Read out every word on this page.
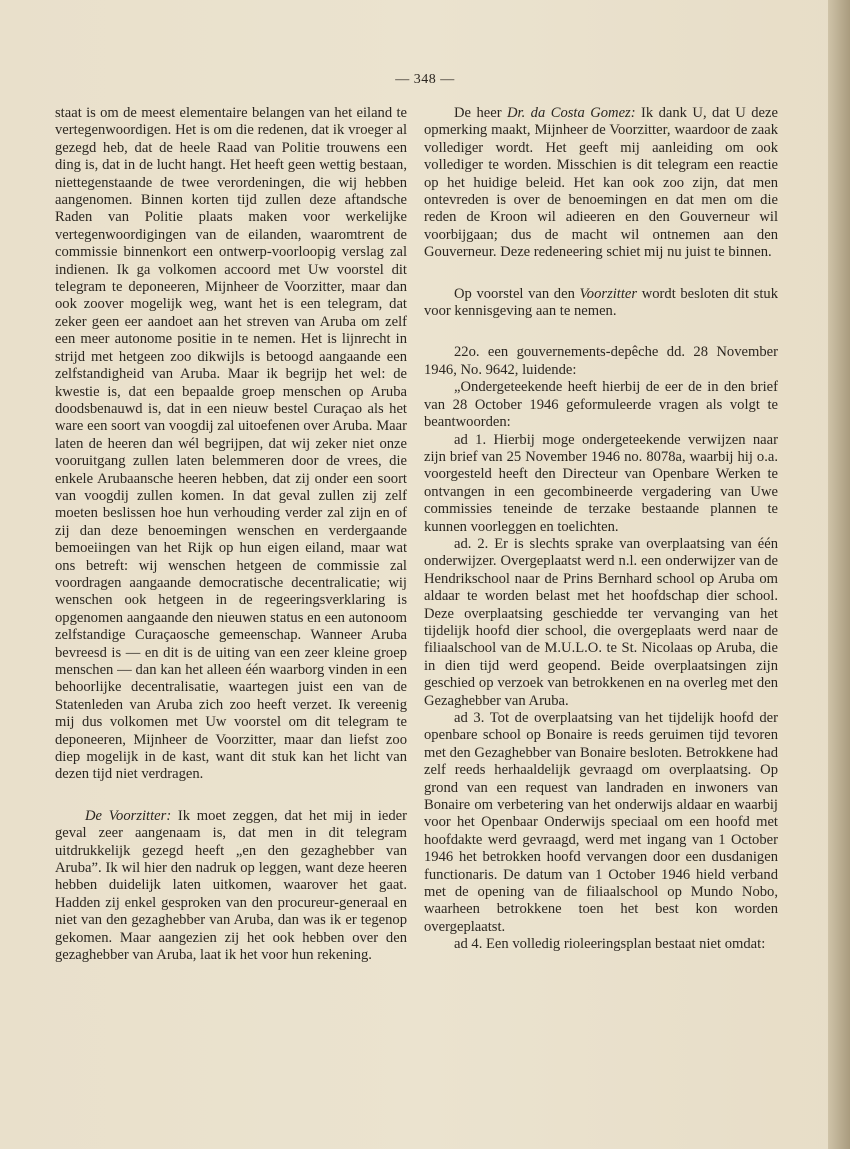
— 348 —

staat is om de meest elementaire belangen van het eiland te vertegenwoordigen. Het is om die redenen, dat ik vroeger al gezegd heb, dat de heele Raad van Politie trouwens een ding is, dat in de lucht hangt. Het heeft geen wettig bestaan, niettegenstaande de twee verordeningen, die wij hebben aangenomen. Binnen korten tijd zullen deze aftandsche Raden van Politie plaats maken voor werkelijke vertegenwoordigingen van de eilanden, waaromtrent de commissie binnenkort een ontwerp-voorloopig verslag zal indienen. Ik ga volkomen accoord met Uw voorstel dit telegram te deponeeren, Mijnheer de Voorzitter, maar dan ook zoover mogelijk weg, want het is een telegram, dat zeker geen eer aandoet aan het streven van Aruba om zelf een meer autonome positie in te nemen. Het is lijnrecht in strijd met hetgeen zoo dikwijls is betoogd aangaande een zelfstandigheid van Aruba. Maar ik begrijp het wel: de kwestie is, dat een bepaalde groep menschen op Aruba doodsbenauwd is, dat in een nieuw bestel Curaçao als het ware een soort van voogdij zal uitoefenen over Aruba. Maar laten de heeren dan wél begrijpen, dat wij zeker niet onze vooruitgang zullen laten belemmeren door de vrees, die enkele Arubaansche heeren hebben, dat zij onder een soort van voogdij zullen komen. In dat geval zullen zij zelf moeten beslissen hoe hun verhouding verder zal zijn en of zij dan deze benoemingen wenschen en verdergaande bemoeiingen van het Rijk op hun eigen eiland, maar wat ons betreft: wij wenschen hetgeen de commissie zal voordragen aangaande democratische decentralicatie; wij wenschen ook hetgeen in de regeeringsverklaring is opgenomen aangaande den nieuwen status en een autonoom zelfstandige Curaçaosche gemeenschap. Wanneer Aruba bevreesd is — en dit is de uiting van een zeer kleine groep menschen — dan kan het alleen één waarborg vinden in een behoorlijke decentralisatie, waartegen juist een van de Statenleden van Aruba zich zoo heeft verzet. Ik vereenig mij dus volkomen met Uw voorstel om dit telegram te deponeeren, Mijnheer de Voorzitter, maar dan liefst zoo diep mogelijk in de kast, want dit stuk kan het licht van dezen tijd niet verdragen.

De Voorzitter: Ik moet zeggen, dat het mij in ieder geval zeer aangenaam is, dat men in dit telegram uitdrukkelijk gezegd heeft „en den gezaghebber van Aruba”. Ik wil hier den nadruk op leggen, want deze heeren hebben duidelijk laten uitkomen, waarover het gaat. Hadden zij enkel gesproken van den procureur-generaal en niet van den gezaghebber van Aruba, dan was ik er tegenop gekomen. Maar aangezien zij het ook hebben over den gezaghebber van Aruba, laat ik het voor hun rekening.

De heer Dr. da Costa Gomez: Ik dank U, dat U deze opmerking maakt, Mijnheer de Voorzitter, waardoor de zaak vollediger wordt. Het geeft mij aanleiding om ook vollediger te worden. Misschien is dit telegram een reactie op het huidige beleid. Het kan ook zoo zijn, dat men ontevreden is over de benoemingen en dat men om die reden de Kroon wil adieeren en den Gouverneur wil voorbijgaan; dus de macht wil ontnemen aan den Gouverneur. Deze redeneering schiet mij nu juist te binnen.

Op voorstel van den Voorzitter wordt besloten dit stuk voor kennisgeving aan te nemen.

22o. een gouvernements-depêche dd. 28 November 1946, No. 9642, luidende:

„Ondergeteekende heeft hierbij de eer de in den brief van 28 October 1946 geformuleerde vragen als volgt te beantwoorden:

ad 1. Hierbij moge ondergeteekende verwijzen naar zijn brief van 25 November 1946 no. 8078a, waarbij hij o.a. voorgesteld heeft den Directeur van Openbare Werken te ontvangen in een gecombineerde vergadering van Uwe commissies teneinde de terzake bestaande plannen te kunnen voorleggen en toelichten.

ad. 2. Er is slechts sprake van overplaatsing van één onderwijzer. Overgeplaatst werd n.l. een onderwijzer van de Hendrikschool naar de Prins Bernhard school op Aruba om aldaar te worden belast met het hoofdschap dier school. Deze overplaatsing geschiedde ter vervanging van het tijdelijk hoofd dier school, die overgeplaats werd naar de filiaalschool van de M.U.L.O. te St. Nicolaas op Aruba, die in dien tijd werd geopend. Beide overplaatsingen zijn geschied op verzoek van betrokkenen en na overleg met den Gezaghebber van Aruba.

ad 3. Tot de overplaatsing van het tijdelijk hoofd der openbare school op Bonaire is reeds geruimen tijd tevoren met den Gezaghebber van Bonaire besloten. Betrokkene had zelf reeds herhaaldelijk gevraagd om overplaatsing. Op grond van een request van landraden en inwoners van Bonaire om verbetering van het onderwijs aldaar en waarbij voor het Openbaar Onderwijs speciaal om een hoofd met hoofdakte werd gevraagd, werd met ingang van 1 October 1946 het betrokken hoofd vervangen door een dusdanigen functionaris. De datum van 1 October 1946 hield verband met de opening van de filiaalschool op Mundo Nobo, waarheen betrokkene toen het best kon worden overgeplaatst.

ad 4. Een volledig rioleeringsplan bestaat niet omdat:
